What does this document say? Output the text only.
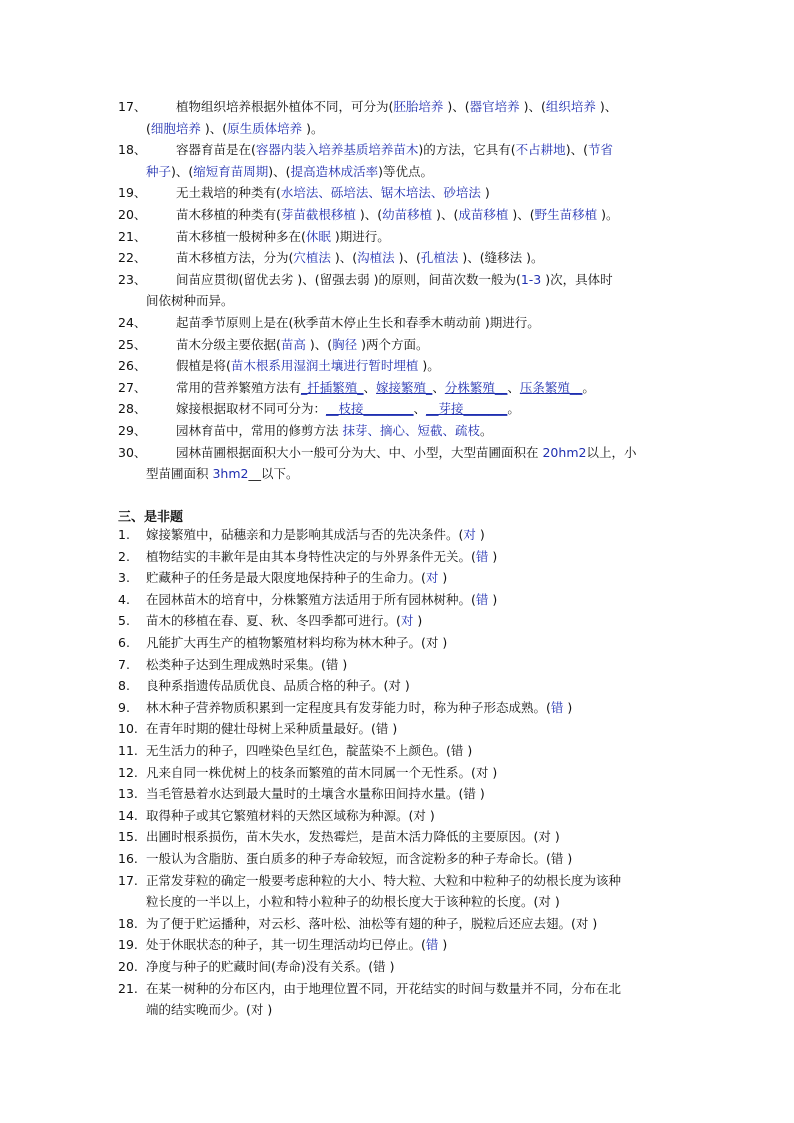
17、 植物组织培养根据外植体不同，可分为(胚胎培养 )、(器官培养 )、(组织培养 )、
(细胞培养 )、(原生质体培养 )。
18、 容器育苗是在(容器内装入培养基质培养苗木)的方法，它具有(不占耕地)、(节省
种子)、(缩短育苗周期)、(提高造林成活率)等优点。
19、 无土栽培的种类有(水培法、砾培法、锯木培法、砂培法 )
20、 苗木移植的种类有(芽苗截根移植 )、(幼苗移植 )、(成苗移植 )、(野生苗移植 )。
21、 苗木移植一般树种多在(休眠 )期进行。
22、 苗木移植方法，分为(穴植法 )、(沟植法 )、(孔植法 )、(缝移法 )。
23、 间苗应贯彻(留优去劣 )、(留强去弱 )的原则，间苗次数一般为(1-3 )次，具体时
间依树种而异。
24、 起苗季节原则上是在(秋季苗木停止生长和春季木萌动前 )期进行。
25、 苗木分级主要依据(苗高 )、(胸径 )两个方面。
26、 假植是将(苗木根系用湿润土壤进行暂时埋植 )。
27、 常用的营养繁殖方法有_扦插繁殖_、嫁接繁殖_、分株繁殖__、压条繁殖__。
28、 嫁接根据取材不同可分为：__枝接________、__芽接_______。
29、 园林育苗中，常用的修剪方法 抹芽、摘心、短截、疏枝。
30、 园林苗圃根据面积大小一般可分为大、中、小型，大型苗圃面积在 20hm2以上，小
型苗圃面积 3hm2__以下。
三、是非题
1. 嫁接繁殖中，砧穗亲和力是影响其成活与否的先决条件。(对 )
2. 植物结实的丰歉年是由其本身特性决定的与外界条件无关。(错 )
3. 贮藏种子的任务是最大限度地保持种子的生命力。(对 )
4. 在园林苗木的培育中，分株繁殖方法适用于所有园林树种。(错 )
5. 苗木的移植在春、夏、秋、冬四季都可进行。(对 )
6. 凡能扩大再生产的植物繁殖材料均称为林木种子。(对 )
7. 松类种子达到生理成熟时采集。(错 )
8. 良种系指遗传品质优良、品质合格的种子。(对 )
9. 林木种子营养物质积累到一定程度具有发芽能力时，称为种子形态成熟。(错 )
10. 在青年时期的健壮母树上采种质量最好。(错 )
11. 无生活力的种子，四唑染色呈红色，靛蓝染不上颜色。(错 )
12. 凡来自同一株优树上的枝条而繁殖的苗木同属一个无性系。(对 )
13. 当毛管悬着水达到最大量时的土壤含水量称田间持水量。(错 )
14. 取得种子或其它繁殖材料的天然区域称为种源。(对 )
15. 出圃时根系损伤，苗木失水，发热霉烂，是苗木活力降低的主要原因。(对 )
16. 一般认为含脂肪、蛋白质多的种子寿命较短，而含淀粉多的种子寿命长。(错 )
17. 正常发芽粒的确定一般要考虑种粒的大小、特大粒、大粒和中粒种子的幼根长度为该种
粒长度的一半以上，小粒和特小粒种子的幼根长度大于该种粒的长度。(对 )
18. 为了便于贮运播种，对云杉、落叶松、油松等有翅的种子，脱粒后还应去翅。(对 )
19. 处于休眠状态的种子，其一切生理活动均已停止。(错 )
20. 净度与种子的贮藏时间(寿命)没有关系。(错 )
21. 在某一树种的分布区内，由于地理位置不同，开花结实的时间与数量并不同，分布在北
端的结实晚而少。(对 )
